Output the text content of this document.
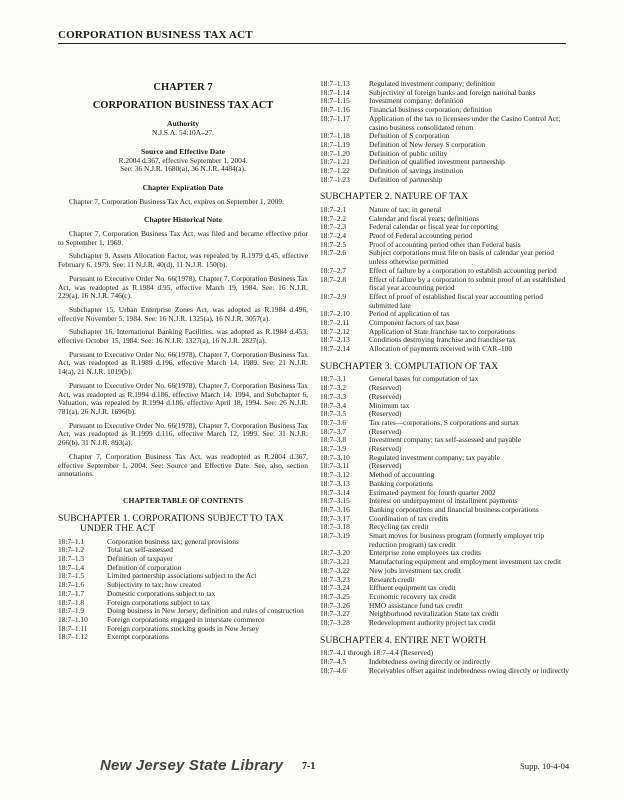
CORPORATION BUSINESS TAX ACT
CHAPTER 7
CORPORATION BUSINESS TAX ACT
Authority
N.J.S.A. 54:10A–27.
Source and Effective Date
R.2004 d.367, effective September 1, 2004.
See: 36 N.J.R. 1680(a), 36 N.J.R. 4484(a).
Chapter Expiration Date
Chapter 7, Corporation Business Tax Act, expires on September 1, 2009.
Chapter Historical Note
Chapter 7, Corporation Business Tax Act, was filed and became effective prior to September 1, 1969.
Subchapter 9, Assets Allocation Factor, was repealed by R.1979 d.45, effective February 6, 1979. See: 11 N.J.R. 40(d), 11 N.J.R. 150(b).
Pursuant to Executive Order No. 66(1978), Chapter 7, Corporation Business Tax Act, was readopted as R.1984 d.95, effective March 19, 1984. See: 16 N.J.R. 229(a), 16 N.J.R. 746(c).
Subchapter 15, Urban Enterprise Zones Act, was adopted as R.1984 d.496, effective November 5, 1984. See: 16 N.J.R. 1325(a), 16 N.J.R. 3057(a).
Subchapter 16, International Banking Facilities, was adopted as R.1984 d.453, effective October 15, 1984. See: 16 N.J.R. 1327(a), 16 N.J.R. 2827(a).
Pursuant to Executive Order No. 66(1978), Chapter 7, Corporation Business Tax Act, was readopted as R.1989 d.196, effective March 14, 1989. See: 21 N.J.R. 14(a), 21 N.J.R. 1019(b).
Pursuant to Executive Order No. 66(1978), Chapter 7, Corporation Business Tax Act, was readopted as R.1994 d.186, effective March 14, 1994, and Subchapter 6, Valuation, was repealed by R.1994 d.186, effective April 18, 1994. See: 26 N.J.R. 781(a), 26 N.J.R. 1696(b).
Pursuant to Executive Order No. 66(1978), Chapter 7, Corporation Business Tax Act, was readopted as R.1999 d.116, effective March 12, 1999. See: 31 N.J.R. 266(b), 31 N.J.R. 893(a).
Chapter 7, Corporation Business Tax Act, was readopted as R.2004 d.367, effective September 1, 2004. See: Source and Effective Date. See, also, section annotations.
CHAPTER TABLE OF CONTENTS
SUBCHAPTER 1. CORPORATIONS SUBJECT TO TAX
UNDER THE ACT
18:7–1.1	Corporation business tax; general provisions
18:7–1.2	Total tax self-assessed
18:7–1.3	Definition of taxpayer
18:7–1.4	Definition of corporation
18:7–1.5	Limited partnership associations subject to the Act
18:7–1.6	Subjectivity to tax; how created
18:7–1.7	Domestic corporations subject to tax
18:7–1.8	Foreign corporations subject to tax
18:7–1.9	Doing business in New Jersey; definition and rules of construction
18:7–1.10	Foreign corporations engaged in interstate commerce
18:7–1.11	Foreign corporations stocking goods in New Jersey
18:7–1.12	Exempt corporations
18:7–1.13	Regulated investment company; definition
18:7–1.14	Subjectivity of foreign banks and foreign national banks
18:7–1.15	Investment company; definition
18:7–1.16	Financial business corporation; definition
18:7–1.17	Application of the tax to licensees under the Casino Control Act; casino business consolidated return
18:7–1.18	Definition of S corporation
18:7–1.19	Definition of New Jersey S corporation
18:7–1.20	Definition of public utility
18:7–1.21	Definition of qualified investment partnership
18:7–1.22	Definition of savings institution
18:7–1.23	Definition of partnership
SUBCHAPTER 2. NATURE OF TAX
18:7–2.1	Nature of tax; in general
18:7–2.2	Calendar and fiscal years; definitions
18:7–2.3	Federal calendar or fiscal year for reporting
18:7–2.4	Proof of Federal accounting period
18:7–2.5	Proof of accounting period other than Federal basis
18:7–2.6	Subject corporations must file on basis of calendar year period unless otherwise permitted
18:7–2.7	Effect of failure by a corporation to establish accounting period
18:7–2.8	Effect of failure by a corporation to submit proof of an established fiscal year accounting period
18:7–2.9	Effect of proof of established fiscal year accounting period submitted late
18:7–2.10	Period of application of tax
18:7–2.11	Component factors of tax base
18:7–2.12	Application of State franchise tax to corporations
18:7–2.13	Conditions destroying franchise and franchise tax
18:7–2.14	Allocation of payments received with CAR–100
SUBCHAPTER 3. COMPUTATION OF TAX
18:7–3.1	General bases for computation of tax
18:7–3.2	(Reserved)
18:7–3.3	(Reserved)
18:7–3.4	Minimum tax
18:7–3.5	(Reserved)
18:7–3.6	Tax rates—corporations, S corporations and surtax
18:7–3.7	(Reserved)
18:7–3.8	Investment company; tax self-assessed and payable
18:7–3.9	(Reserved)
18:7–3.10	Regulated investment company; tax payable
18:7–3.11	(Reserved)
18:7–3.12	Method of accounting
18:7–3.13	Banking corporations
18:7–3.14	Estimated payment for fourth quarter 2002
18:7–3.15	Interest on underpayment of installment payments
18:7–3.16	Banking corporations and financial business corporations
18:7–3.17	Coordination of tax credits
18:7–3.18	Recycling tax credit
18:7–3.19	Smart moves for business program (formerly employer trip reduction program) tax credit
18:7–3.20	Enterprise zone employees tax credits
18:7–3.21	Manufacturing equipment and employment investment tax credit
18:7–3.22	New jobs investment tax credit
18:7–3.23	Research credit
18:7–3.24	Effluent equipment tax credit
18:7–3.25	Economic recovery tax credit
18:7–3.26	HMO assistance fund tax credit
18:7–3.27	Neighborhood revitalization State tax credit
18:7–3.28	Redevelopment authority project tax credit
SUBCHAPTER 4. ENTIRE NET WORTH
18:7–4.1 through 18:7–4.4 (Reserved)
18:7–4.5	Indebtedness owing directly or indirectly
18:7–4.6	Receivables offset against indebtedness owing directly or indirectly
New Jersey State Library 7-1	Supp. 10-4-04
